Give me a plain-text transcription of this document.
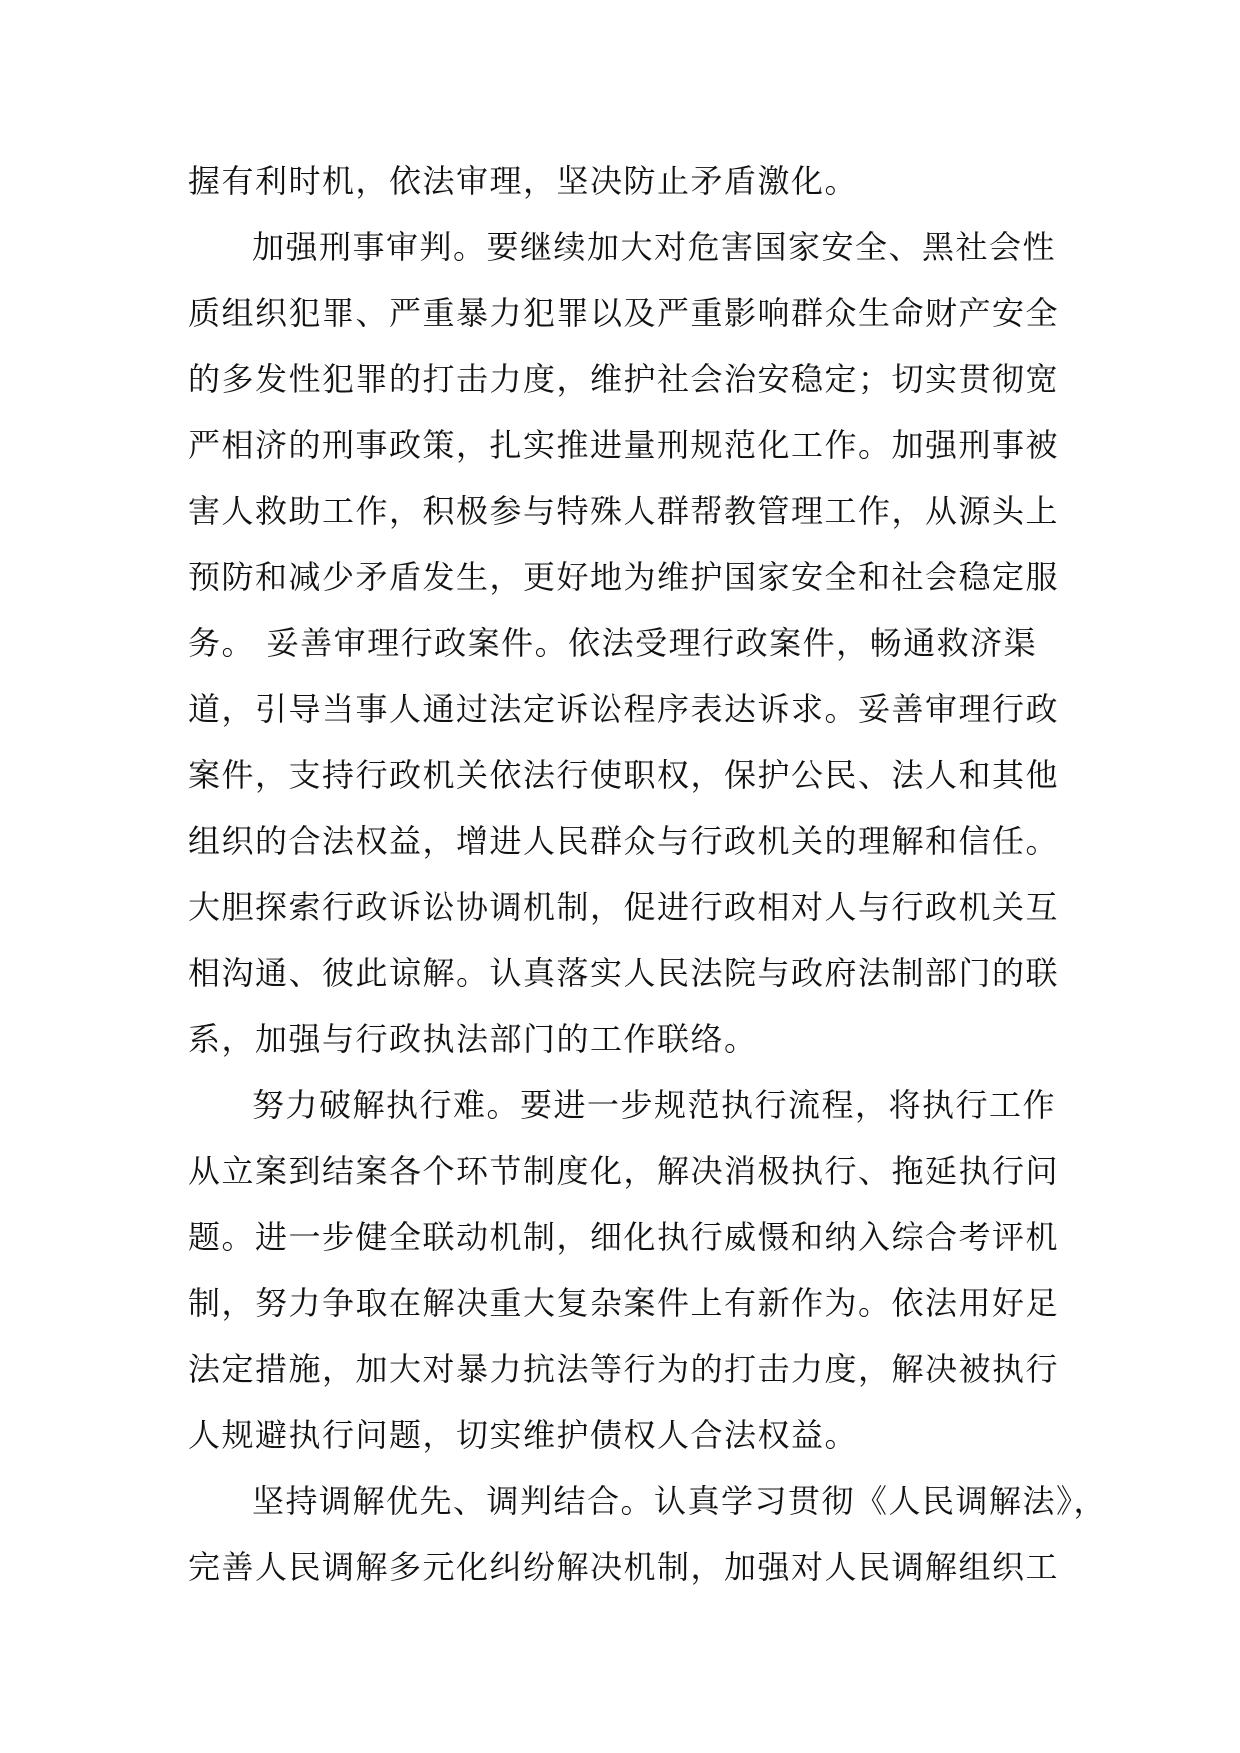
握有利时机，依法审理，坚决防止矛盾激化。
加强刑事审判。要继续加大对危害国家安全、黑社会性
质组织犯罪、严重暴力犯罪以及严重影响群众生命财产安全
的多发性犯罪的打击力度，维护社会治安稳定；切实贯彻宽
严相济的刑事政策，扎实推进量刑规范化工作。加强刑事被
害人救助工作，积极参与特殊人群帮教管理工作，从源头上
预防和减少矛盾发生，更好地为维护国家安全和社会稳定服
务。 妥善审理行政案件。依法受理行政案件，畅通救济渠
道，引导当事人通过法定诉讼程序表达诉求。妥善审理行政
案件，支持行政机关依法行使职权，保护公民、法人和其他
组织的合法权益，增进人民群众与行政机关的理解和信任。
大胆探索行政诉讼协调机制，促进行政相对人与行政机关互
相沟通、彼此谅解。认真落实人民法院与政府法制部门的联
系，加强与行政执法部门的工作联络。
努力破解执行难。要进一步规范执行流程，将执行工作
从立案到结案各个环节制度化，解决消极执行、拖延执行问
题。进一步健全联动机制，细化执行威慑和纳入综合考评机
制，努力争取在解决重大复杂案件上有新作为。依法用好足
法定措施，加大对暴力抗法等行为的打击力度，解决被执行
人规避执行问题，切实维护债权人合法权益。
坚持调解优先、调判结合。认真学习贯彻《人民调解法》，
完善人民调解多元化纠纷解决机制，加强对人民调解组织工
